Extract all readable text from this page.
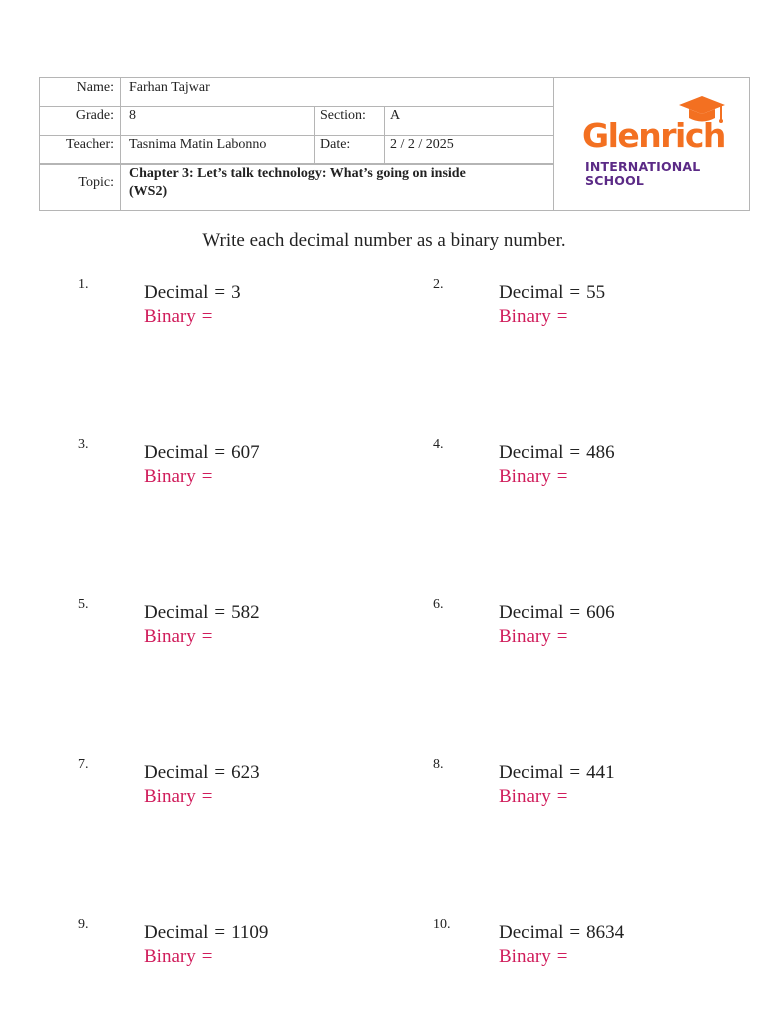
Name: Farhan Tajwar
Grade: 8	Section: A
Teacher: Tasnima Matin Labonno	Date:	2 / 2 / 2025
Topic:
Chapter 3: Let’s talk technology: What’s going on inside
(WS2)
Glenrich
INTERNATIONAL
SCHOOL
Write each decimal number as a binary number.
1.	Decimal = 3
Binary =
2.	Decimal = 55
Binary =
3.	Decimal = 607
Binary =
4.	Decimal = 486
Binary =
5.	Decimal = 582
Binary =
6.	Decimal = 606
Binary =
7.	Decimal = 623
Binary =
8.	Decimal = 441
Binary =
9.	Decimal = 1109
Binary =
10.	Decimal = 8634
Binary =
